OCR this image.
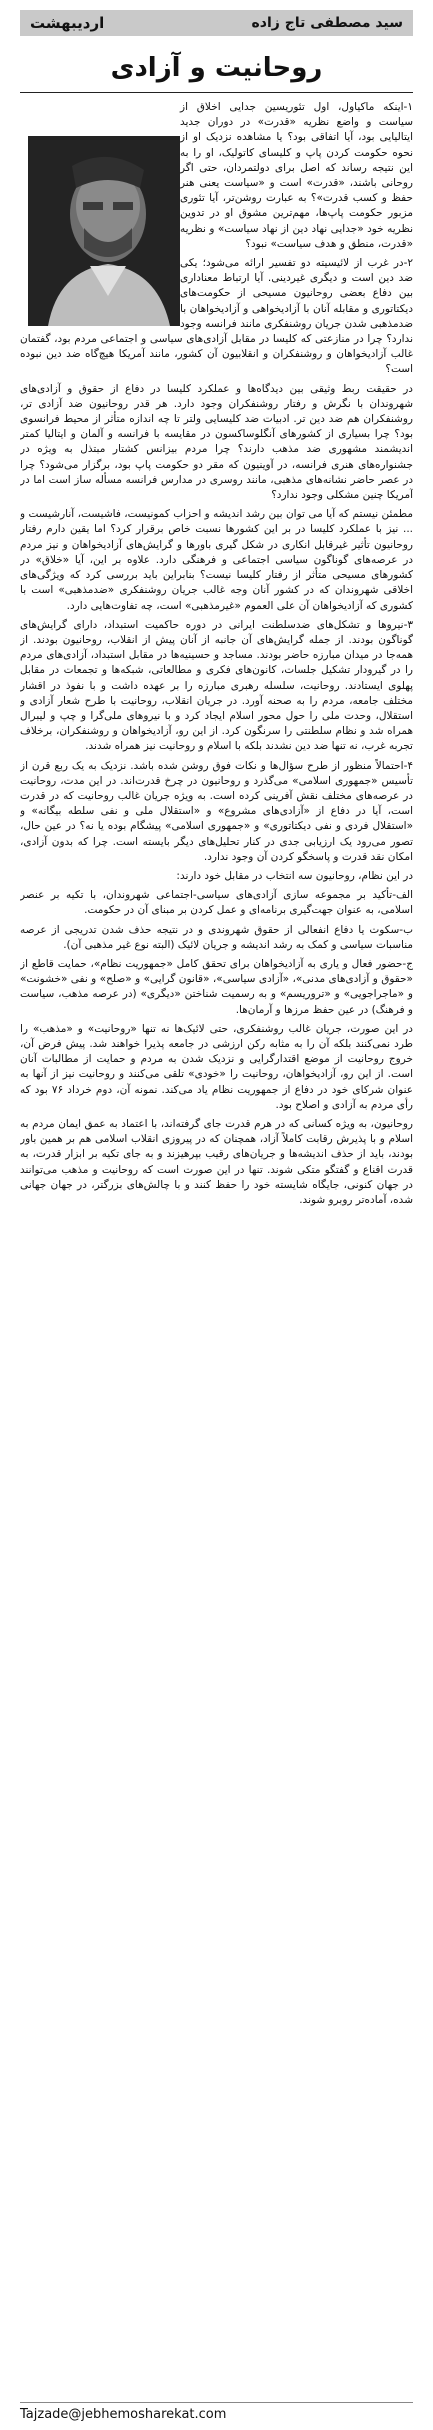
سید مصطفی تاج زاده
اردیبهشت
روحانیت و آزادی

۱-اینکه ماکیاول، اول تئوریسین جدایی اخلاق از سیاست و واضع نظریه «قدرت» در دوران جدید ایتالیایی بود، آیا اتفاقی بود؟ یا مشاهده نزدیک او از نحوه حکومت کردن پاپ و کلیسای کاتولیک، او را به این نتیجه رساند که اصل برای دولتمردان، حتی اگر روحانی باشند، «قدرت» است و «سیاست یعنی هنر حفظ و کسب قدرت»؟ به عبارت روشن‌تر، آیا تئوری مزبور حکومت پاپ‌ها، مهم‌ترین مشوق او در تدوین نظریه خود «جدایی نهاد دین از نهاد سیاست» و نظریه «قدرت، منطق و هدف سیاست» نبود؟

۲-در غرب از لائیسیته دو تفسیر ارائه می‌شود؛ یکی ضد دین است و دیگری غیردینی. آیا ارتباط معناداری بین دفاع بعضی روحانیون مسیحی از حکومت‌های دیکتاتوری و مقابله آنان با آزادیخواهی و آزادیخواهان با ضدمذهبی شدن جریان روشنفکری مانند فرانسه وجود ندارد؟ چرا در منازعتی که کلیسا در مقابل آزادی‌های سیاسی و اجتماعی مردم بود، گفتمان غالب آزادیخواهان و روشنفکران و انقلابیون آن کشور، مانند آمریکا هیچ‌گاه ضد دین نبوده است؟

در حقیقت ربط وثیقی بین دیدگاه‌ها و عملکرد کلیسا در دفاع از حقوق و آزادی‌های شهروندان با نگرش و رفتار روشنفکران وجود دارد. هر قدر روحانیون ضد آزادی تر، روشنفکران هم ضد دین تر. ادبیات ضد کلیسایی ولتر تا چه اندازه متأثر از محیط فرانسوی بود؟ چرا بسیاری از کشورهای آنگلوساکسون در مقایسه با فرانسه و آلمان و ایتالیا کمتر اندیشمند مشهوری ضد مذهب دارند؟ چرا مردم بیزانس کشتار مبتذل به ویژه در جشنواره‌های هنری فرانسه، در آوینیون که مقر دو حکومت پاپ بود، برگزار می‌شود؟ چرا در عصر حاضر نشانه‌های مذهبی، مانند روسری در مدارس فرانسه مسأله ساز است اما در آمریکا چنین مشکلی وجود ندارد؟

مطمئن نیستم که آیا می توان بین رشد اندیشه و احزاب کمونیست، فاشیست، آنارشیست و ... نیز با عملکرد کلیسا در بر این کشورها نسبت خاص برقرار کرد؟ اما یقین دارم رفتار روحانیون تأثیر غیرقابل انکاری در شکل گیری باورها و گرایش‌های آزادیخواهان و نیز مردم در عرصه‌های گوناگون سیاسی اجتماعی و فرهنگی دارد. علاوه بر این، آیا «خلاق» در کشورهای مسیحی متأثر از رفتار کلیسا نیست؟ بنابراین باید بررسی کرد که ویژگی‌های اخلاقی شهروندان که در کشور آنان وجه غالب جریان روشنفکری «ضدمذهبی» است با کشوری که آزادیخواهان آن علی العموم «غیرمذهبی» است، چه تفاوت‌هایی دارد.

۳-نیروها و تشکل‌های ضدسلطنت ایرانی در دوره حاکمیت استبداد، دارای گرایش‌های گوناگون بودند. از جمله گرایش‌های آن جانبه از آنان پیش از انقلاب، روحانیون بودند. از همه‌جا در میدان مبارزه حاضر بودند. مساجد و حسینیه‌ها در مقابل استبداد، آزادی‌های مردم را در گیرودار تشکیل جلسات، کانون‌های فکری و مطالعاتی، شبکه‌ها و تجمعات در مقابل پهلوی ایستادند. روحانیت، سلسله رهبری مبارزه را بر عهده داشت و با نفوذ در اقشار مختلف جامعه، مردم را به صحنه آورد. در جریان انقلاب، روحانیت با طرح شعار آزادی و استقلال، وحدت ملی را حول محور اسلام ایجاد کرد و با نیروهای ملی‌گرا و چپ و لیبرال همراه شد و نظام سلطنتی را سرنگون کرد. از این رو، آزادیخواهان و روشنفکران، برخلاف تجربه غرب، نه تنها ضد دین نشدند بلکه با اسلام و روحانیت نیز همراه شدند.

۴-احتمالاً منظور از طرح سؤال‌ها و نکات فوق روشن شده باشد. نزدیک به یک ربع قرن از تأسیس «جمهوری اسلامی» می‌گذرد و روحانیون در چرخ قدرت‌اند. در این مدت، روحانیت در عرصه‌های مختلف نقش آفرینی کرده است. به ویژه جریان غالب روحانیت که در قدرت است، آیا در دفاع از «آزادی‌های مشروع» و «استقلال ملی و نفی سلطه بیگانه» و «استقلال فردی و نفی دیکتاتوری» و «جمهوری اسلامی» پیشگام بوده یا نه؟ در عین حال، تصور می‌رود یک ارزیابی جدی در کنار تحلیل‌های دیگر بایسته است. چرا که بدون آزادی، امکان نقد قدرت و پاسخگو کردن آن وجود ندارد.

در این نظام، روحانیون سه انتخاب در مقابل خود دارند:

الف-تأکید بر مجموعه سازی آزادی‌های سیاسی-اجتماعی شهروندان، با تکیه بر عنصر اسلامی، به عنوان جهت‌گیری برنامه‌ای و عمل کردن بر مبنای آن در حکومت.

ب-سکوت یا دفاع انفعالی از حقوق شهروندی و در نتیجه حذف شدن تدریجی از عرصه مناسبات سیاسی و کمک به رشد اندیشه و جریان لائیک (البته نوع غیر مذهبی آن).

ج-حضور فعال و یاری به آزادیخواهان برای تحقق کامل «جمهوریت نظام»، حمایت قاطع از «حقوق و آزادی‌های مدنی»، «آزادی سیاسی»، «قانون گرایی» و «صلح» و نفی «خشونت» و «ماجراجویی» و «تروریسم» و به رسمیت شناختن «دیگری» (در عرصه مذهب، سیاست و فرهنگ) در عین حفظ مرزها و آرمان‌ها.

در این صورت، جریان غالب روشنفکری، حتی لائیک‌ها نه تنها «روحانیت» و «مذهب» را طرد نمی‌کنند بلکه آن را به مثابه رکن ارزشی در جامعه پذیرا خواهند شد. پیش فرض آن، خروج روحانیت از موضع اقتدارگرایی و نزدیک شدن به مردم و حمایت از مطالبات آنان است. از این رو، آزادیخواهان، روحانیت را «خودی» تلقی می‌کنند و روحانیت نیز از آنها به عنوان شرکای خود در دفاع از جمهوریت نظام یاد می‌کند. نمونه آن، دوم خرداد ۷۶ بود که رأی مردم به آزادی و اصلاح بود.

روحانیون، به ویژه کسانی که در هرم قدرت جای گرفته‌اند، با اعتماد به عمق ایمان مردم به اسلام و با پذیرش رقابت کاملاً آزاد، همچنان که در پیروزی انقلاب اسلامی هم بر همین باور بودند، باید از حذف اندیشه‌ها و جریان‌های رقیب بپرهیزند و به جای تکیه بر ابزار قدرت، به قدرت اقناع و گفتگو متکی شوند. تنها در این صورت است که روحانیت و مذهب می‌توانند در جهان کنونی، جایگاه شایسته خود را حفظ کنند و با چالش‌های بزرگتر، در جهان جهانی شده، آماده‌تر روبرو شوند.

Tajzade@jebhemosharekat.com
